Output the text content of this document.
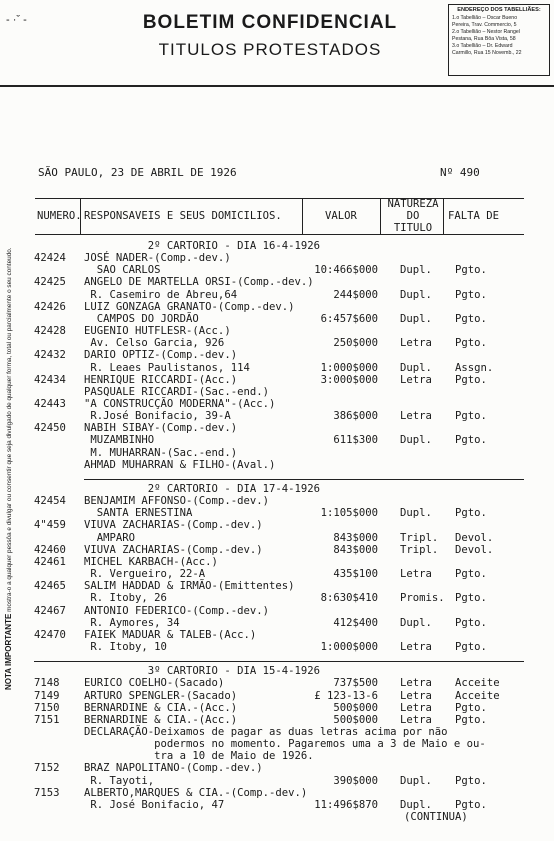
- ·ˇ -	BOLETIM CONFIDENCIAL
TITULOS PROTESTADOS
ENDEREÇO DOS TABELLIÃES:
1.o Tabellião – Oscar Bueno
Pereira, Trav. Commercio, 5
2.o Tabellião – Nestor Rangel
Pestana, Rua Bôa Vista, 58
3.o Tabellião – Dr. Edward
Carmillo, Rua 15 Novemb., 22
NOTA IMPORTANTE mostra-o a qualquer pessôa e divulgar ou consentir que seja divulgado de qualquer forma, total ou parcialmente o seu conteudo.
SÃO PAULO, 23 DE ABRIL DE 1926	Nº 490
NUMERO. RESPONSAVEIS E SEUS DOMICILIOS.	VALOR
NATUREZA
DO
TITULO
FALTA DE
2º CARTORIO - DIA 16-4-1926
42424 JOSÉ NADER-(Comp.-dev.)
SAO CARLOS	10:466$000 Dupl. Pgto.
42425 ANGELO DE MARTELLA ORSI-(Comp.-dev.)
R. Casemiro de Abreu,64	244$000 Dupl. Pgto.
42426 LUIZ GONZAGA GRANATO-(Comp.-dev.)
CAMPOS DO JORDÃO	6:457$600 Dupl. Pgto.
42428 EUGENIO HUTFLESR-(Acc.)
Av. Celso Garcia, 926	250$000 Letra Pgto.
42432 DARIO OPTIZ-(Comp.-dev.)
R. Leaes Paulistanos, 114	1:000$000 Dupl. Assgn.
42434 HENRIQUE RICCARDI-(Acc.)	3:000$000 Letra Pgto.
PASQUALE RICCARDI-(Sac.-end.)
42443 "A CONSTRUCÇÃO MODERNA"-(Acc.)
R.José Bonifacio, 39-A	386$000 Letra Pgto.
42450 NABIH SIBAY-(Comp.-dev.)
MUZAMBINHO	611$300 Dupl. Pgto.
M. MUHARRAN-(Sac.-end.)
AHMAD MUHARRAN & FILHO-(Aval.)
2º CARTORIO - DIA 17-4-1926
42454 BENJAMIM AFFONSO-(Comp.-dev.)
SANTA ERNESTINA	1:105$000 Dupl. Pgto.
4"459 VIUVA ZACHARIAS-(Comp.-dev.)
AMPARO	843$000 Tripl. Devol.
42460 VIUVA ZACHARIAS-(Comp.-dev.)	843$000 Tripl. Devol.
42461 MICHEL KARBACH-(Acc.)
R. Vergueiro, 22-A	435$100 Letra Pgto.
42465 SALIM HADDAD & IRMÃO-(Emittentes)
R. Itoby, 26	8:630$410 Promis. Pgto.
42467 ANTONIO FEDERICO-(Comp.-dev.)
R. Aymores, 34	412$400 Dupl. Pgto.
42470 FAIEK MADUAR & TALEB-(Acc.)
R. Itoby, 10	1:000$000 Letra Pgto.
3º CARTORIO - DIA 15-4-1926
7148 EURICO COELHO-(Sacado)	737$500 Letra Acceite
7149 ARTURO SPENGLER-(Sacado)	£ 123-13-6 Letra Acceite
7150 BERNARDINE & CIA.-(Acc.)	500$000 Letra Pgto.
7151 BERNARDINE & CIA.-(Acc.)	500$000 Letra Pgto.
DECLARAÇÃO-Deixamos de pagar as duas letras acima por não
podermos no momento. Pagaremos uma a 3 de Maio e ou-
tra a 10 de Maio de 1926.
7152 BRAZ NAPOLITANO-(Comp.-dev.)
R. Tayoti,	390$000 Dupl. Pgto.
7153 ALBERTO,MARQUES & CIA.-(Comp.-dev.)
R. José Bonifacio, 47	11:496$870 Dupl. Pgto.
(CONTINUA)
